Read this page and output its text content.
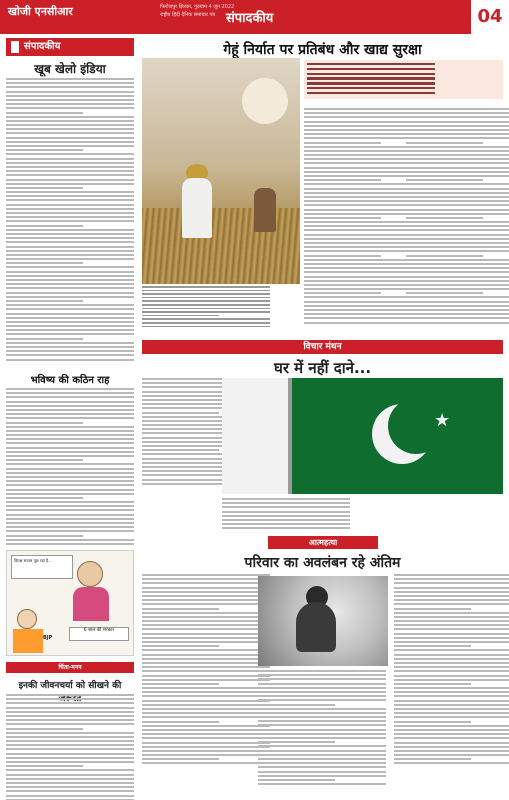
खोजी एनसीआर	फिरोजपुर झिरका, गुरुग्राम 4 जून 2022
राष्ट्रीय हिंदी दैनिक समाचार पत्र संपादकीय	04
संपादकीय
खूब खेलो इंडिया
भविष्य की कठिन राह
विपक्ष सवाल पूछ रहा है...
BJP
6 साल की सरकार
चिंता-मनन
इनकी जीवनचर्या को सीखने की
गेहूं निर्यात पर प्रतिबंध और खाद्य सुरक्षा
विचार मंथन
घर में नहीं दाने...
★
आत्महत्या
परिवार का अवलंबन रहे अंतिम
